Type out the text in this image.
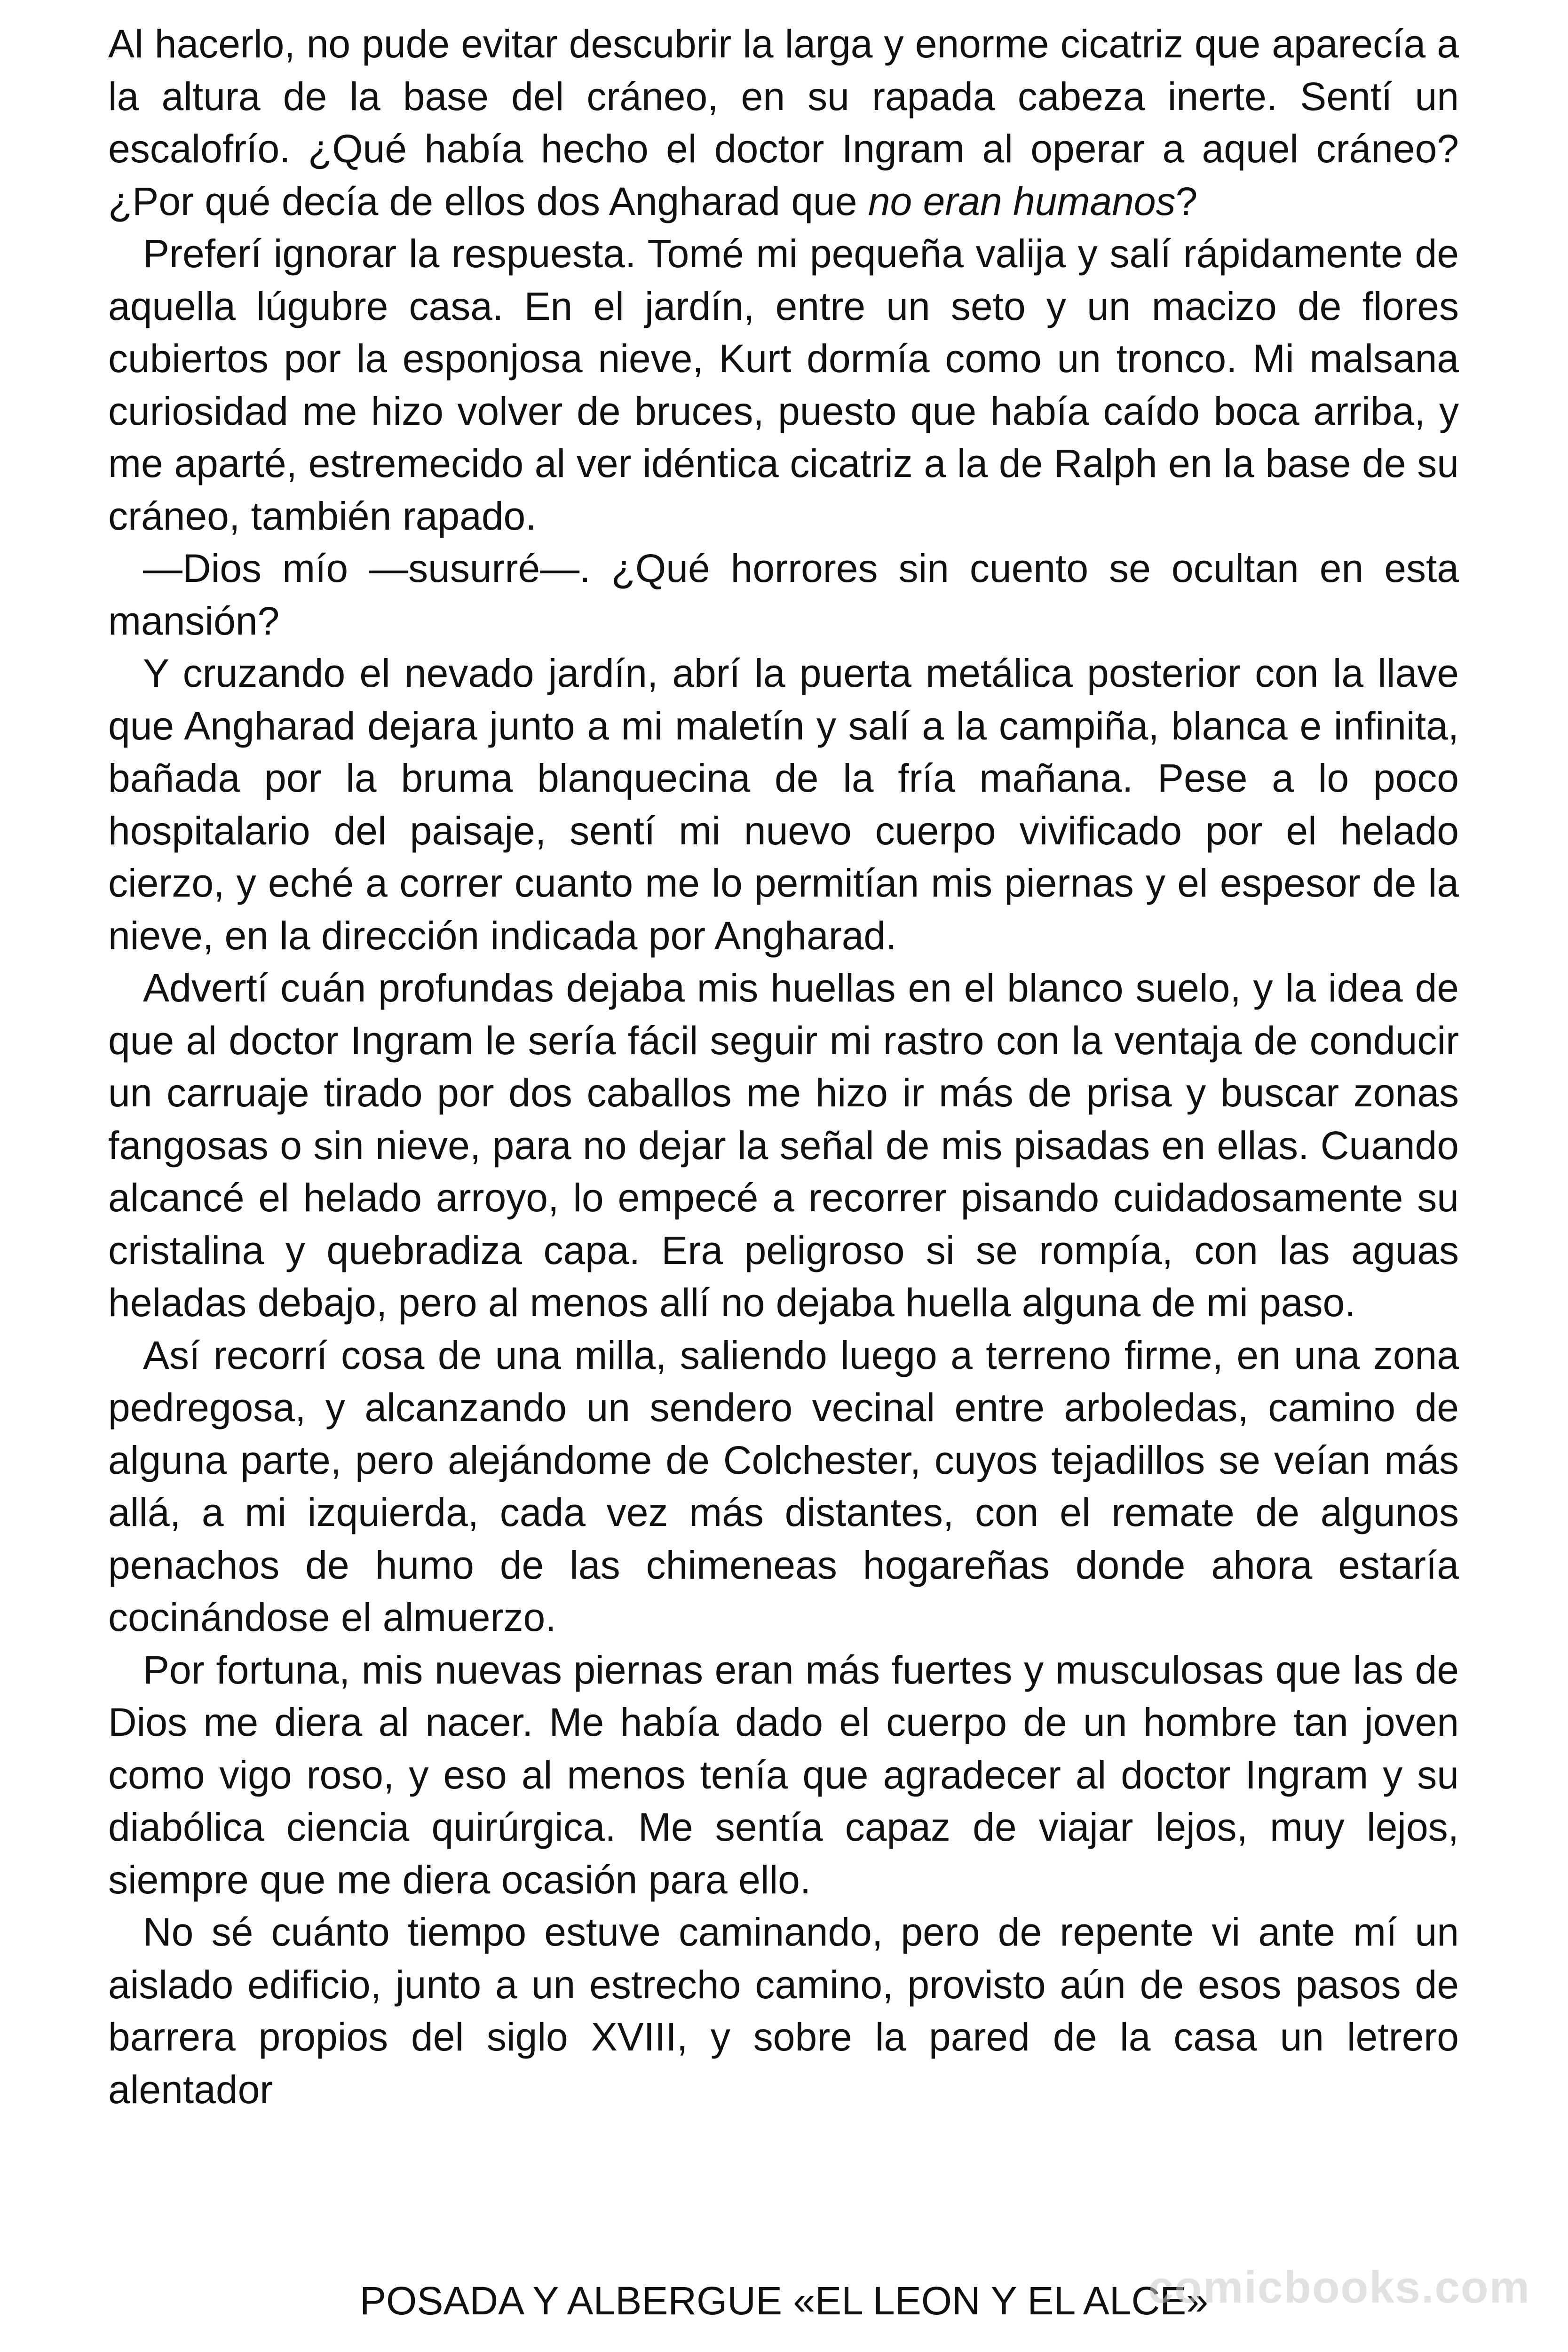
Al hacerlo, no pude evitar descubrir la larga y enorme cicatriz que aparecía a la altura de la base del cráneo, en su rapada cabeza inerte. Sentí un escalofrío. ¿Qué había hecho el doctor Ingram al operar a aquel cráneo? ¿Por qué decía de ellos dos Angharad que no eran humanos?

Preferí ignorar la respuesta. Tomé mi pequeña valija y salí rápidamente de aquella lúgubre casa. En el jardín, entre un seto y un macizo de flores cubiertos por la esponjosa nieve, Kurt dormía como un tronco. Mi malsana curiosidad me hizo volver de bruces, puesto que había caído boca arriba, y me aparté, estremecido al ver idéntica cicatriz a la de Ralph en la base de su cráneo, también rapado.

—Dios mío —susurré—. ¿Qué horrores sin cuento se ocultan en esta mansión?

Y cruzando el nevado jardín, abrí la puerta metálica posterior con la llave que Angharad dejara junto a mi maletín y salí a la campiña, blanca e infinita, bañada por la bruma blanquecina de la fría mañana. Pese a lo poco hospitalario del paisaje, sentí mi nuevo cuerpo vivificado por el helado cierzo, y eché a correr cuanto me lo permitían mis piernas y el espesor de la nieve, en la dirección indicada por Angharad.

Advertí cuán profundas dejaba mis huellas en el blanco suelo, y la idea de que al doctor Ingram le sería fácil seguir mi rastro con la ventaja de conducir un carruaje tirado por dos caballos me hizo ir más de prisa y buscar zonas fangosas o sin nieve, para no dejar la señal de mis pisadas en ellas. Cuando alcancé el helado arroyo, lo empecé a recorrer pisando cuidadosamente su cristalina y quebradiza capa. Era peligroso si se rompía, con las aguas heladas debajo, pero al menos allí no dejaba huella alguna de mi paso.

Así recorrí cosa de una milla, saliendo luego a terreno firme, en una zona pedregosa, y alcanzando un sendero vecinal entre arboledas, camino de alguna parte, pero alejándome de Colchester, cuyos tejadillos se veían más allá, a mi izquierda, cada vez más distantes, con el remate de algunos penachos de humo de las chimeneas hogareñas donde ahora estaría cocinándose el almuerzo.

Por fortuna, mis nuevas piernas eran más fuertes y musculosas que las de Dios me diera al nacer. Me había dado el cuerpo de un hombre tan joven como vigo roso, y eso al menos tenía que agradecer al doctor Ingram y su diabólica ciencia quirúrgica. Me sentía capaz de viajar lejos, muy lejos, siempre que me diera ocasión para ello.

No sé cuánto tiempo estuve caminando, pero de repente vi ante mí un aislado edificio, junto a un estrecho camino, provisto aún de esos pasos de barrera propios del siglo XVIII, y sobre la pared de la casa un letrero alentador

POSADA Y ALBERGUE «EL LEON Y EL ALCE»

comicbooks.com
